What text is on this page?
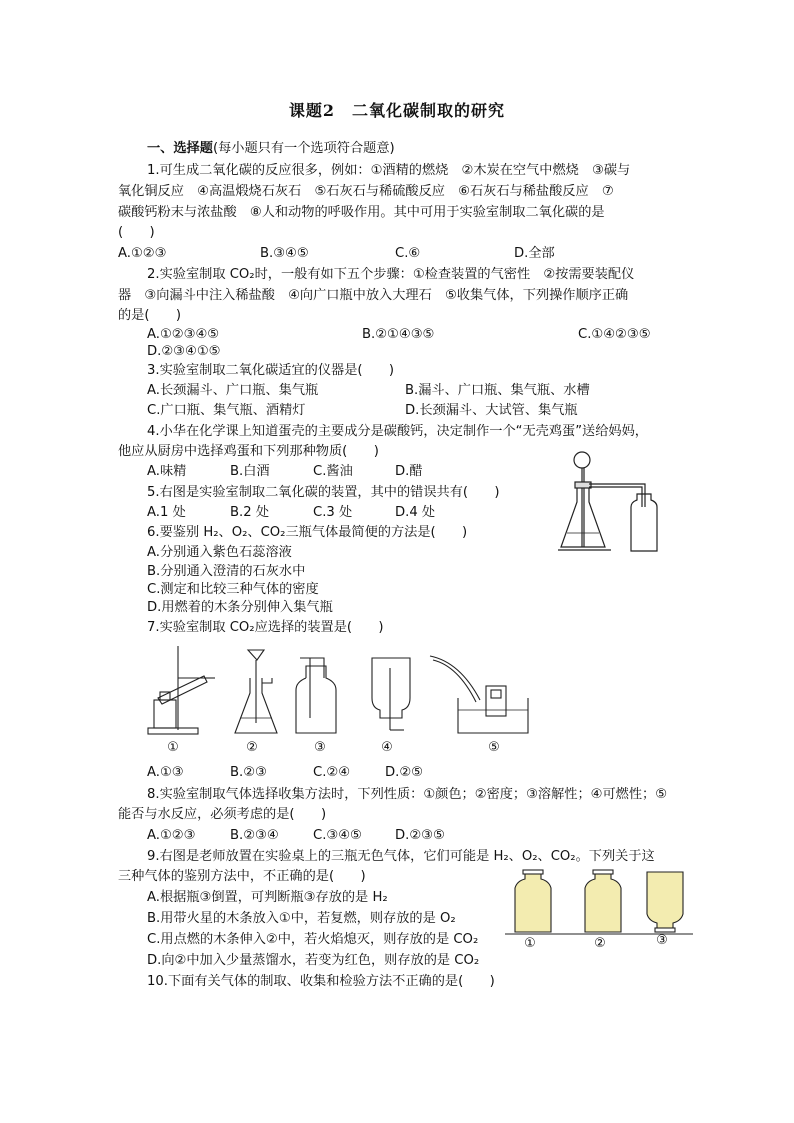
课题2　二氧化碳制取的研究
一、选择题(每小题只有一个选项符合题意)
1.可生成二氧化碳的反应很多，例如：①酒精的燃烧　②木炭在空气中燃烧　③碳与
氧化铜反应　④高温煅烧石灰石　⑤石灰石与稀硫酸反应　⑥石灰石与稀盐酸反应　⑦
碳酸钙粉末与浓盐酸　⑧人和动物的呼吸作用。其中可用于实验室制取二氧化碳的是
(　　)
A.①②③	B.③④⑤	C.⑥	D.全部
2.实验室制取 CO₂时，一般有如下五个步骤：①检查装置的气密性　②按需要装配仪
器　③向漏斗中注入稀盐酸　④向广口瓶中放入大理石　⑤收集气体，下列操作顺序正确
的是(　　)
A.①②③④⑤	B.②①④③⑤	C.①④②③⑤
D.②③④①⑤
3.实验室制取二氧化碳适宜的仪器是(　　)
A.长颈漏斗、广口瓶、集气瓶	B.漏斗、广口瓶、集气瓶、水槽
C.广口瓶、集气瓶、酒精灯	D.长颈漏斗、大试管、集气瓶
4.小华在化学课上知道蛋壳的主要成分是碳酸钙，决定制作一个“无壳鸡蛋”送给妈妈，
他应从厨房中选择鸡蛋和下列那种物质(　　)
A.味精	B.白酒	C.酱油	D.醋
5.右图是实验室制取二氧化碳的装置，其中的错误共有(　　)
A.1 处	B.2 处	C.3 处	D.4 处
6.要鉴别 H₂、O₂、CO₂三瓶气体最简便的方法是(　　)
A.分别通入紫色石蕊溶液
B.分别通入澄清的石灰水中
C.测定和比较三种气体的密度
D.用燃着的木条分别伸入集气瓶
7.实验室制取 CO₂应选择的装置是(　　)
①	②	③	④	⑤
A.①③	B.②③	C.②④	D.②⑤
8.实验室制取气体选择收集方法时，下列性质：①颜色；②密度；③溶解性；④可燃性；⑤
能否与水反应，必须考虑的是(　　)
A.①②③	B.②③④	C.③④⑤	D.②③⑤
9.右图是老师放置在实验桌上的三瓶无色气体，它们可能是 H₂、O₂、CO₂。下列关于这
三种气体的鉴别方法中，不正确的是(　　)
A.根据瓶③倒置，可判断瓶③存放的是 H₂
B.用带火星的木条放入①中，若复燃，则存放的是 O₂
C.用点燃的木条伸入②中，若火焰熄灭，则存放的是 CO₂
D.向②中加入少量蒸馏水，若变为红色，则存放的是 CO₂
①	②	③
10.下面有关气体的制取、收集和检验方法不正确的是(　　)
